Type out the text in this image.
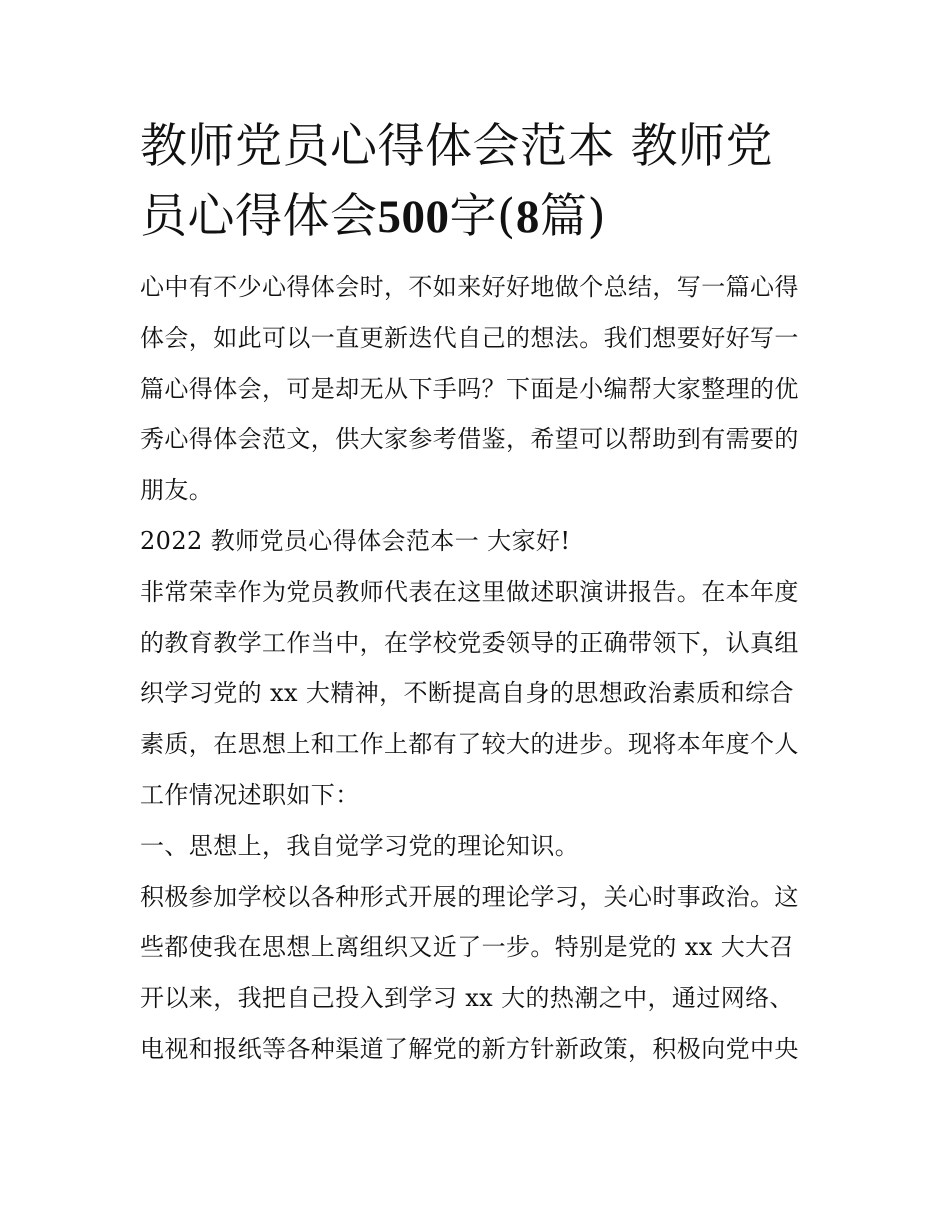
教师党员心得体会范本 教师党员心得体会500字(8篇)

心中有不少心得体会时，不如来好好地做个总结，写一篇心得体会，如此可以一直更新迭代自己的想法。我们想要好好写一篇心得体会，可是却无从下手吗？下面是小编帮大家整理的优秀心得体会范文，供大家参考借鉴，希望可以帮助到有需要的朋友。

2022 教师党员心得体会范本一 大家好!

非常荣幸作为党员教师代表在这里做述职演讲报告。在本年度的教育教学工作当中，在学校党委领导的正确带领下，认真组织学习党的 xx 大精神，不断提高自身的思想政治素质和综合素质，在思想上和工作上都有了较大的进步。现将本年度个人工作情况述职如下：

一、思想上，我自觉学习党的理论知识。

积极参加学校以各种形式开展的理论学习，关心时事政治。这些都使我在思想上离组织又近了一步。特别是党的 xx 大大召开以来，我把自己投入到学习 xx 大的热潮之中，通过网络、电视和报纸等各种渠道了解党的新方针新政策，积极向党中央
